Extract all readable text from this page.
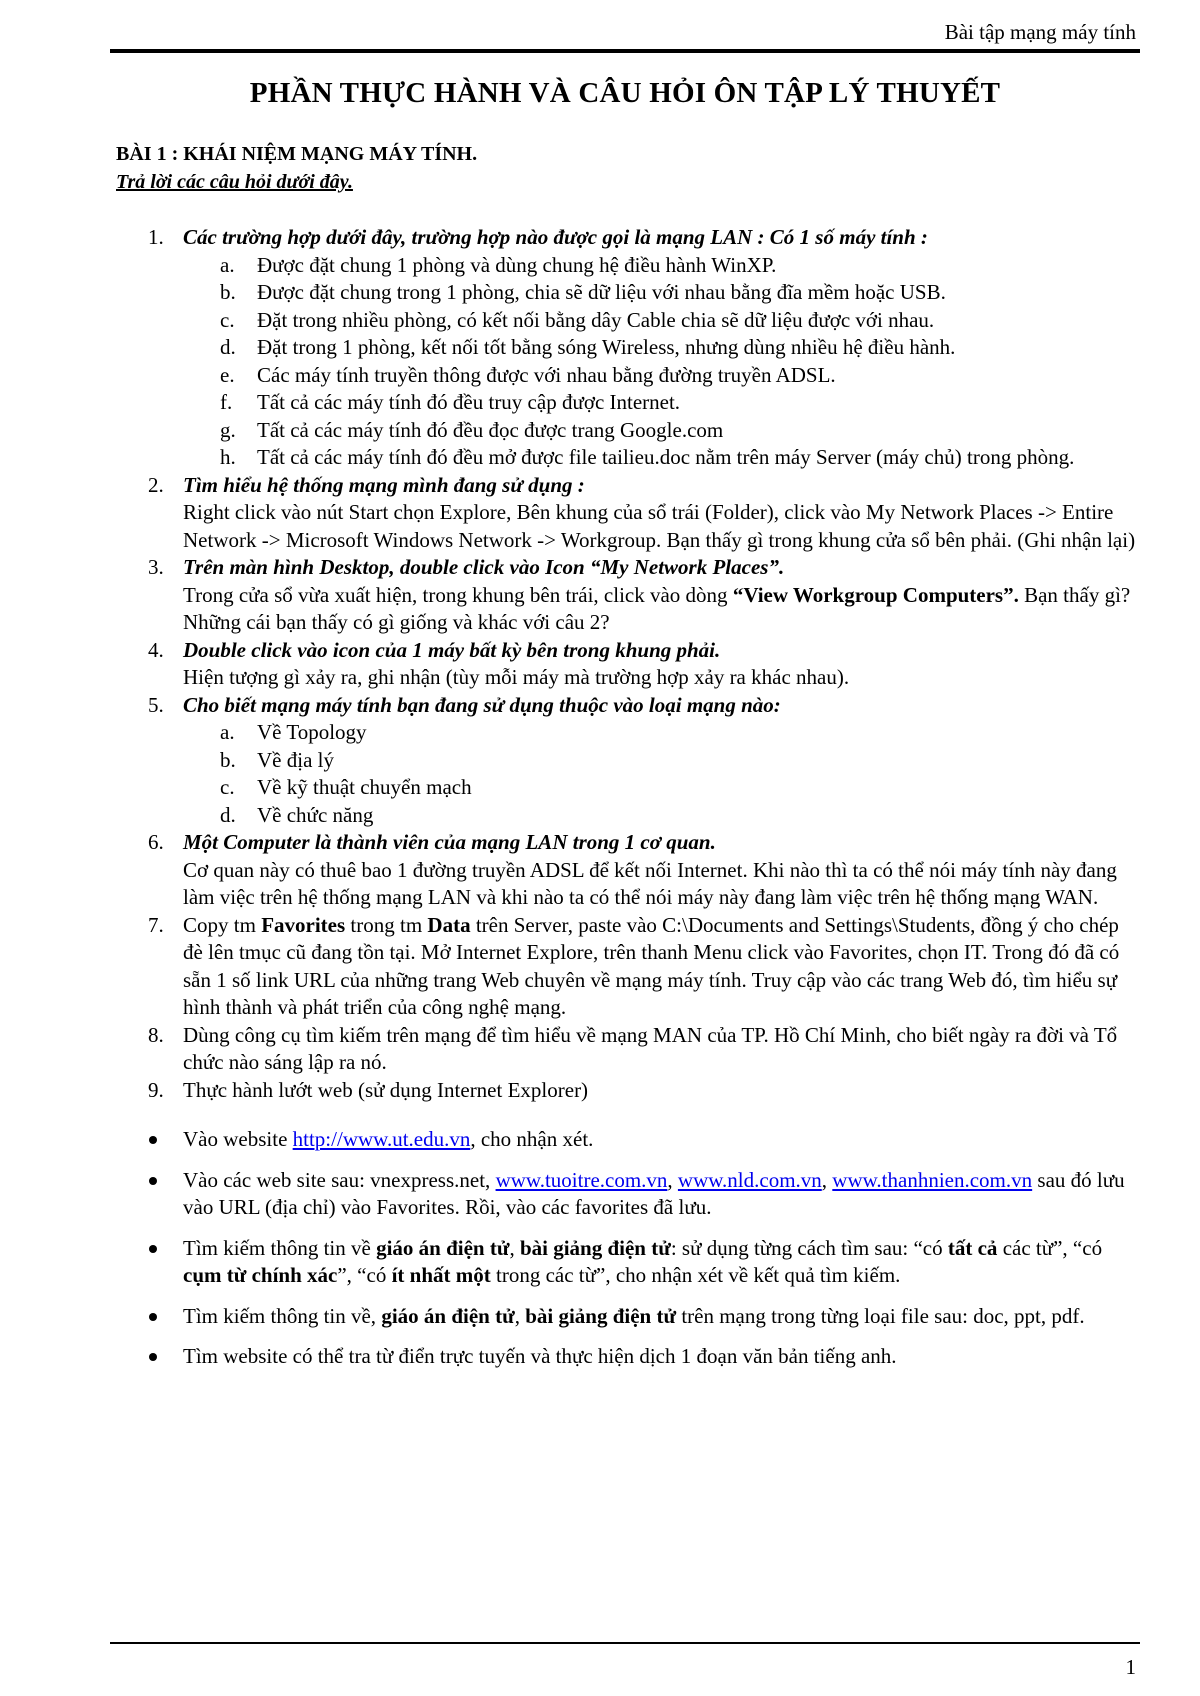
Bài tập mạng máy tính
PHẦN THỰC HÀNH VÀ CÂU HỎI ÔN TẬP LÝ THUYẾT
BÀI 1 : KHÁI NIỆM MẠNG MÁY TÍNH.
Trả lời các câu hỏi dưới đây.
1. Các trường hợp dưới đây, trường hợp nào được gọi là mạng LAN : Có 1 số máy tính :
a. Được đặt chung 1 phòng và dùng chung hệ điều hành WinXP.
b. Được đặt chung trong 1 phòng, chia sẽ dữ liệu với nhau bằng đĩa mềm hoặc USB.
c. Đặt trong nhiều phòng, có kết nối bằng dây Cable chia sẽ dữ liệu được với nhau.
d. Đặt trong 1 phòng, kết nối tốt bằng sóng Wireless, nhưng dùng nhiều hệ điều hành.
e. Các máy tính truyền thông được với nhau bằng đường truyền ADSL.
f. Tất cả các máy tính đó đều truy cập được Internet.
g. Tất cả các máy tính đó đều đọc được trang Google.com
h. Tất cả các máy tính đó đều mở được file tailieu.doc nằm trên máy Server (máy chủ) trong phòng.
2. Tìm hiểu hệ thống mạng mình đang sử dụng :
Right click vào nút Start chọn Explore, Bên khung của sổ trái (Folder), click vào My Network Places -> Entire Network -> Microsoft Windows Network -> Workgroup. Bạn thấy gì trong khung cửa sổ bên phải. (Ghi nhận lại)
3. Trên màn hình Desktop, double click vào Icon “My Network Places”.
Trong cửa sổ vừa xuất hiện, trong khung bên trái, click vào dòng “View Workgroup Computers”. Bạn thấy gì? Những cái bạn thấy có gì giống và khác với câu 2?
4. Double click vào icon của 1 máy bất kỳ bên trong khung phải.
Hiện tượng gì xảy ra, ghi nhận (tùy mỗi máy mà trường hợp xảy ra khác nhau).
5. Cho biết mạng máy tính bạn đang sử dụng thuộc vào loại mạng nào:
a. Về Topology
b. Về địa lý
c. Về kỹ thuật chuyển mạch
d. Về chức năng
6. Một Computer là thành viên của mạng LAN trong 1 cơ quan.
Cơ quan này có thuê bao 1 đường truyền ADSL để kết nối Internet. Khi nào thì ta có thể nói máy tính này đang làm việc trên hệ thống mạng LAN và khi nào ta có thể nói máy này đang làm việc trên hệ thống mạng WAN.
7. Copy tm Favorites trong tm Data trên Server, paste vào C:\Documents and Settings\Students, đồng ý cho chép đè lên tmục cũ đang tồn tại. Mở Internet Explore, trên thanh Menu click vào Favorites, chọn IT. Trong đó đã có sẵn 1 số link URL của những trang Web chuyên về mạng máy tính. Truy cập vào các trang Web đó, tìm hiểu sự hình thành và phát triển của công nghệ mạng.
8. Dùng công cụ tìm kiếm trên mạng để tìm hiểu về mạng MAN của TP. Hồ Chí Minh, cho biết ngày ra đời và Tổ chức nào sáng lập ra nó.
9. Thực hành lướt web (sử dụng Internet Explorer)
Vào website http://www.ut.edu.vn, cho nhận xét.
Vào các web site sau: vnexpress.net, www.tuoitre.com.vn, www.nld.com.vn, www.thanhnien.com.vn sau đó lưu vào URL (địa chỉ) vào Favorites. Rồi, vào các favorites đã lưu.
Tìm kiếm thông tin về giáo án điện tử, bài giảng điện tử: sử dụng từng cách tìm sau: “có tất cả các từ”, “có cụm từ chính xác”, “có ít nhất một trong các từ”, cho nhận xét về kết quả tìm kiếm.
Tìm kiếm thông tin về, giáo án điện tử, bài giảng điện tử trên mạng trong từng loại file sau: doc, ppt, pdf.
Tìm website có thể tra từ điển trực tuyến và thực hiện dịch 1 đoạn văn bản tiếng anh.
1
